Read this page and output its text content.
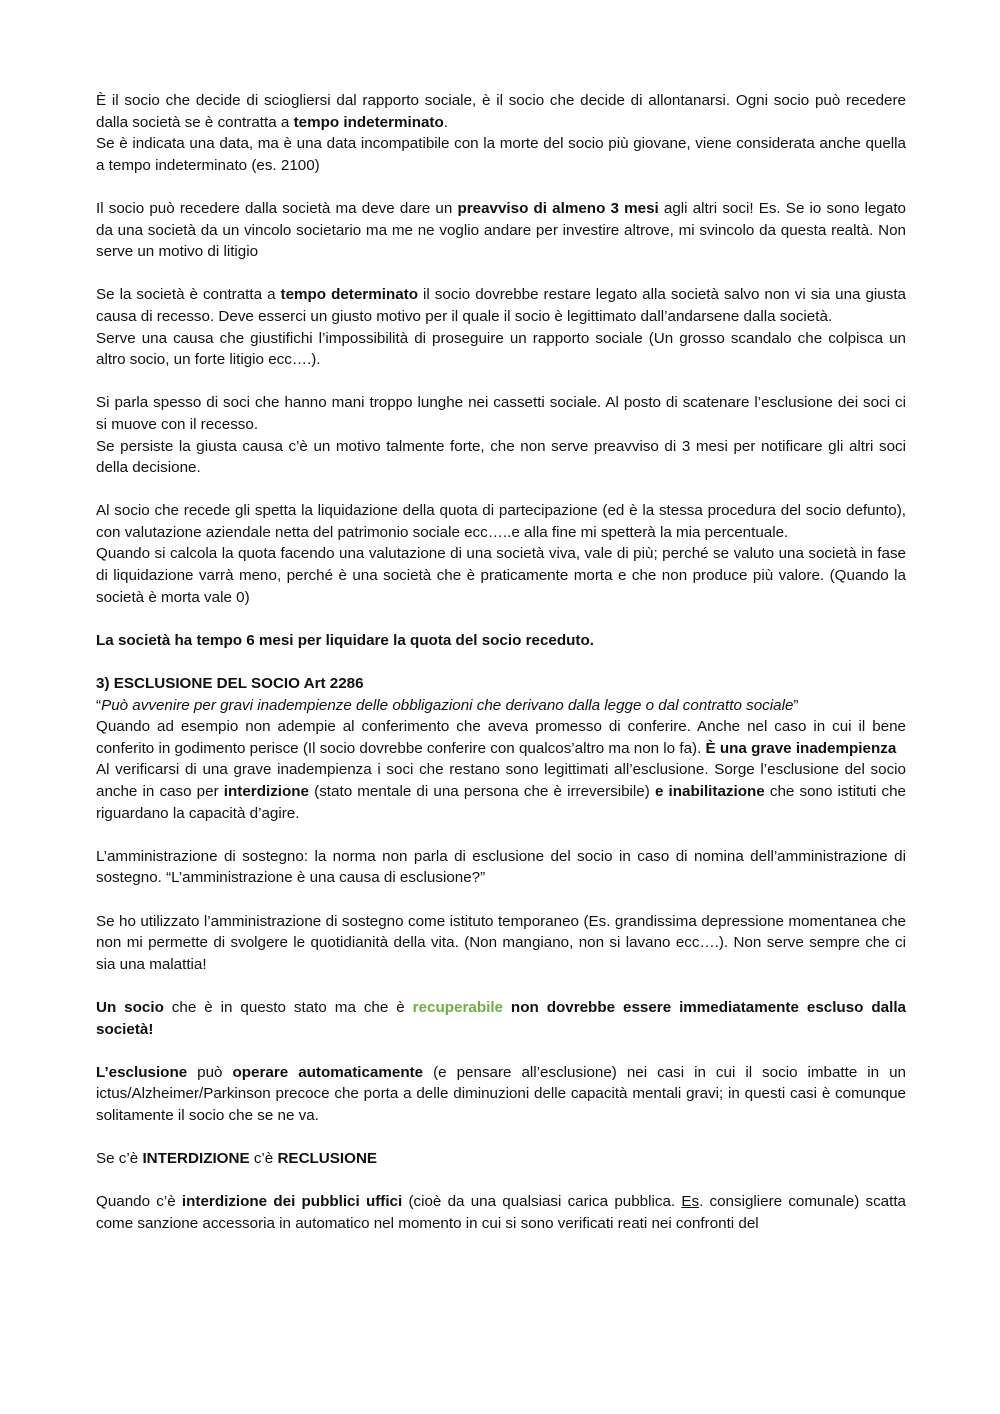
È il socio che decide di sciogliersi dal rapporto sociale, è il socio che decide di allontanarsi. Ogni socio può recedere dalla società se è contratta a tempo indeterminato.

Se è indicata una data, ma è una data incompatibile con la morte del socio più giovane, viene considerata anche quella a tempo indeterminato (es. 2100)

Il socio può recedere dalla società ma deve dare un preavviso di almeno 3 mesi agli altri soci! Es. Se io sono legato da una società da un vincolo societario ma me ne voglio andare per investire altrove, mi svincolo da questa realtà. Non serve un motivo di litigio

Se la società è contratta a tempo determinato il socio dovrebbe restare legato alla società salvo non vi sia una giusta causa di recesso. Deve esserci un giusto motivo per il quale il socio è legittimato dall’andarsene dalla società.

Serve una causa che giustifichi l’impossibilità di proseguire un rapporto sociale (Un grosso scandalo che colpisca un altro socio, un forte litigio ecc….).

Si parla spesso di soci che hanno mani troppo lunghe nei cassetti sociale. Al posto di scatenare l’esclusione dei soci ci si muove con il recesso.

Se persiste la giusta causa c’è un motivo talmente forte, che non serve preavviso di 3 mesi per notificare gli altri soci della decisione.

Al socio che recede gli spetta la liquidazione della quota di partecipazione (ed è la stessa procedura del socio defunto), con valutazione aziendale netta del patrimonio sociale ecc…..e alla fine mi spetterà la mia percentuale.

Quando si calcola la quota facendo una valutazione di una società viva, vale di più; perché se valuto una società in fase di liquidazione varrà meno, perché è una società che è praticamente morta e che non produce più valore. (Quando la società è morta vale 0)

La società ha tempo 6 mesi per liquidare la quota del socio receduto.

3) ESCLUSIONE DEL SOCIO Art 2286

“Può avvenire per gravi inadempienze delle obbligazioni che derivano dalla legge o dal contratto sociale”

Quando ad esempio non adempie al conferimento che aveva promesso di conferire. Anche nel caso in cui il bene conferito in godimento perisce (Il socio dovrebbe conferire con qualcos’altro ma non lo fa). È una grave inadempienza

Al verificarsi di una grave inadempienza i soci che restano sono legittimati all’esclusione. Sorge l’esclusione del socio anche in caso per interdizione (stato mentale di una persona che è irreversibile) e inabilitazione che sono istituti che riguardano la capacità d’agire.

L’amministrazione di sostegno: la norma non parla di esclusione del socio in caso di nomina dell’amministrazione di sostegno. “L’amministrazione è una causa di esclusione?”

Se ho utilizzato l’amministrazione di sostegno come istituto temporaneo (Es. grandissima depressione momentanea che non mi permette di svolgere le quotidianità della vita. (Non mangiano, non si lavano ecc….). Non serve sempre che ci sia una malattia!

Un socio che è in questo stato ma che è recuperabile non dovrebbe essere immediatamente escluso dalla società!

L’esclusione può operare automaticamente (e pensare all’esclusione) nei casi in cui il socio imbatte in un ictus/Alzheimer/Parkinson precoce che porta a delle diminuzioni delle capacità mentali gravi; in questi casi è comunque solitamente il socio che se ne va.

Se c’è INTERDIZIONE c’è RECLUSIONE

Quando c’è interdizione dei pubblici uffici (cioè da una qualsiasi carica pubblica. Es. consigliere comunale) scatta come sanzione accessoria in automatico nel momento in cui si sono verificati reati nei confronti del
